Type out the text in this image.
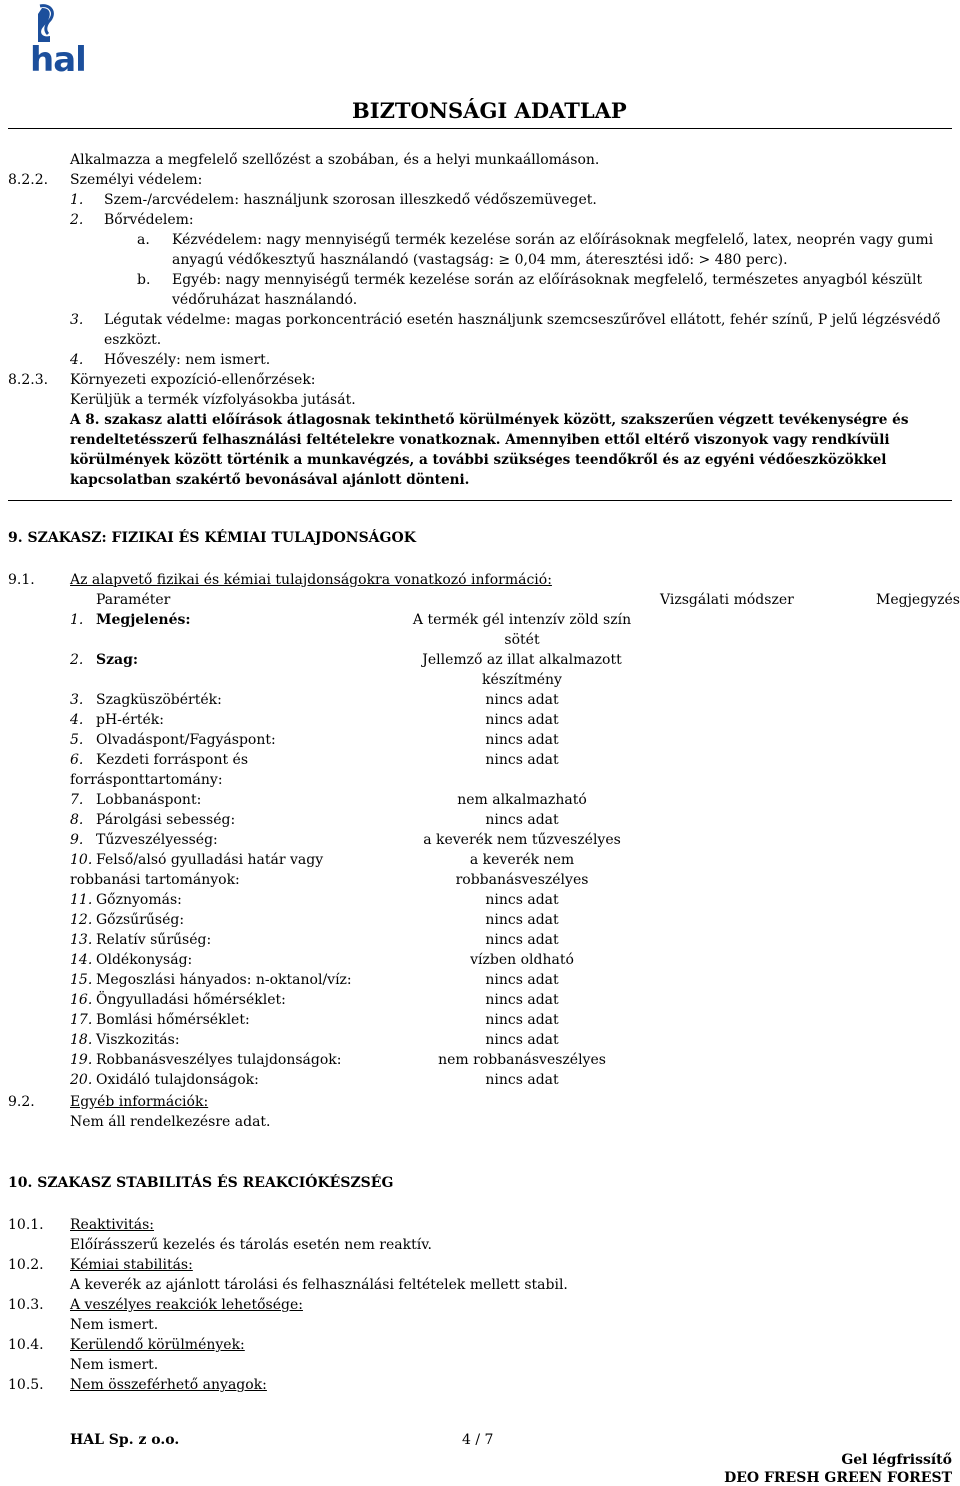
hal
BIZTONSÁGI ADATLAP
Alkalmazza a megfelelő szellőzést a szobában, és a helyi munkaállomáson.
8.2.2. Személyi védelem:
1. Szem-/arcvédelem: használjunk szorosan illeszkedő védőszemüveget.
2. Bőrvédelem:
a. Kézvédelem: nagy mennyiségű termék kezelése során az előírásoknak megfelelő, latex, neoprén vagy gumi
anyagú védőkesztyű használandó (vastagság: ≥ 0,04 mm, áteresztési idő: > 480 perc).
b. Egyéb: nagy mennyiségű termék kezelése során az előírásoknak megfelelő, természetes anyagból készült
védőruházat használandó.
3. Légutak védelme: magas porkoncentráció esetén használjunk szemcseszűrővel ellátott, fehér színű, P jelű légzésvédő
eszközt.
4. Hőveszély: nem ismert.
8.2.3. Környezeti expozíció-ellenőrzések:
Kerüljük a termék vízfolyásokba jutását.
A 8. szakasz alatti előírások átlagosnak tekinthető körülmények között, szakszerűen végzett tevékenységre és
rendeltetésszerű felhasználási feltételekre vonatkoznak. Amennyiben ettől eltérő viszonyok vagy rendkívüli
körülmények között történik a munkavégzés, a további szükséges teendőkről és az egyéni védőeszközökkel
kapcsolatban szakértő bevonásával ajánlott dönteni.
9. SZAKASZ: FIZIKAI ÉS KÉMIAI TULAJDONSÁGOK
9.1.	Az alapvető fizikai és kémiai tulajdonságokra vonatkozó információ:
Paraméter	Vizsgálati módszer	Megjegyzés
1. Megjelenés:	A termék gél intenzív zöld szín
sötét
2. Szag:	Jellemző az illat alkalmazott
készítmény
3. Szagküszöbérték:	nincs adat
4. pH-érték:	nincs adat
5. Olvadáspont/Fagyáspont:	nincs adat
6. Kezdeti forráspont és	nincs adat
forrásponttartomány:
7. Lobbanáspont:	nem alkalmazható
8. Párolgási sebesség:	nincs adat
9. Tűzveszélyesség:	a keverék nem tűzveszélyes
10. Felső/alsó gyulladási határ vagy	a keverék nem
robbanási tartományok:	robbanásveszélyes
11. Gőznyomás:	nincs adat
12. Gőzsűrűség:	nincs adat
13. Relatív sűrűség:	nincs adat
14. Oldékonyság:	vízben oldható
15. Megoszlási hányados: n-oktanol/víz:	nincs adat
16. Öngyulladási hőmérséklet:	nincs adat
17. Bomlási hőmérséklet:	nincs adat
18. Viszkozitás:	nincs adat
19. Robbanásveszélyes tulajdonságok:	nem robbanásveszélyes
20. Oxidáló tulajdonságok:	nincs adat
9.2.	Egyéb információk:
Nem áll rendelkezésre adat.
10. SZAKASZ STABILITÁS ÉS REAKCIÓKÉSZSÉG
10.1. Reaktivitás:
Előírásszerű kezelés és tárolás esetén nem reaktív.
10.2. Kémiai stabilitás:
A keverék az ajánlott tárolási és felhasználási feltételek mellett stabil.
10.3. A veszélyes reakciók lehetősége:
Nem ismert.
10.4. Kerülendő körülmények:
Nem ismert.
10.5. Nem összeférhető anyagok:
HAL Sp. z o.o.	4 / 7
Gel légfrissítő
DEO FRESH GREEN FOREST
